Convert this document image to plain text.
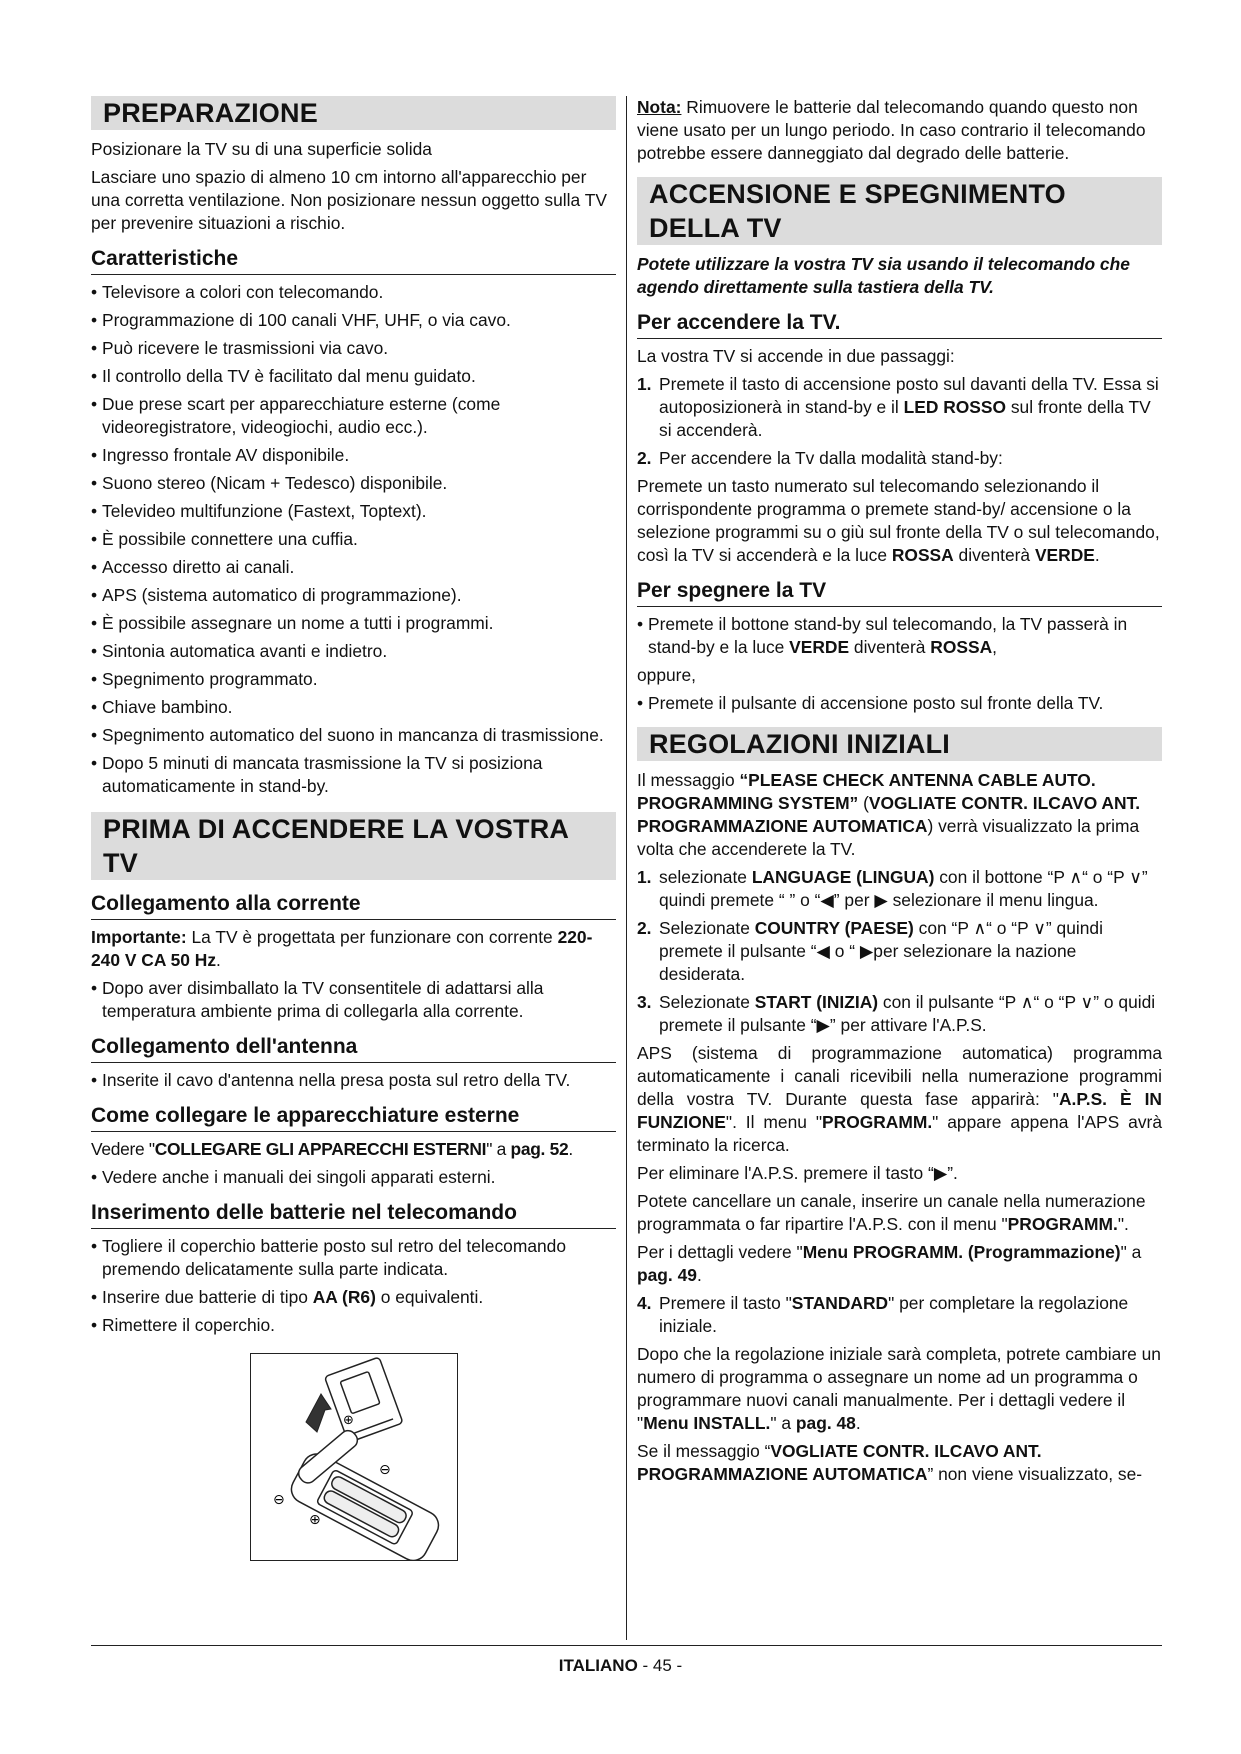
PREPARAZIONE

Posizionare la TV su di una superficie solida

Lasciare uno spazio di almeno 10 cm intorno all'apparecchio per una corretta ventilazione. Non posizionare nessun oggetto sulla TV per prevenire situazioni a rischio.

Caratteristiche
• Televisore a colori con telecomando.
• Programmazione di 100 canali VHF, UHF, o via cavo.
• Può ricevere le trasmissioni via cavo.
• Il controllo della TV è facilitato dal menu guidato.
• Due prese scart per apparecchiature esterne (come videoregistratore, videogiochi, audio ecc.).
• Ingresso frontale AV disponibile.
• Suono stereo (Nicam + Tedesco) disponibile.
• Televideo multifunzione (Fastext, Toptext).
• È possibile connettere una cuffia.
• Accesso diretto ai canali.
• APS (sistema automatico di programmazione).
• È possibile assegnare un nome a tutti i programmi.
• Sintonia automatica avanti e indietro.
• Spegnimento programmato.
• Chiave bambino.
• Spegnimento automatico del suono in mancanza di trasmissione.
• Dopo 5 minuti di mancata trasmissione la TV si posiziona automaticamente in stand-by.
PRIMA DI ACCENDERE LA VOSTRA TV
Collegamento alla corrente

Importante: La TV è progettata per funzionare con corrente 220-240 V CA 50 Hz.

• Dopo aver disimballato la TV consentitele di adattarsi alla temperatura ambiente prima di collegarla alla corrente.
Collegamento dell'antenna
• Inserite il cavo d'antenna nella presa posta sul retro della TV.
Come collegare le apparecchiature esterne

Vedere "COLLEGARE GLI APPARECCHI ESTERNI" a pag. 52.

• Vedere anche i manuali dei singoli apparati esterni.
Inserimento delle batterie nel telecomando
• Togliere il coperchio batterie posto sul retro del telecomando premendo delicatamente sulla parte indicata.
• Inserire due batterie di tipo AA (R6) o equivalenti.
• Rimettere il coperchio.
⊕
⊖
⊖
⊕

Nota: Rimuovere le batterie dal telecomando quando questo non viene usato per un lungo periodo. In caso contrario il telecomando potrebbe essere danneggiato dal degrado delle batterie.

ACCENSIONE E SPEGNIMENTO DELLA TV

Potete utilizzare la vostra TV sia usando il telecomando che agendo direttamente sulla tastiera della TV.

Per accendere la TV.

La vostra TV si accende in due passaggi:

1. Premete il tasto di accensione posto sul davanti della TV. Essa si autoposizionerà in stand-by e il LED ROSSO sul fronte della TV si accenderà.
2. Per accendere la Tv dalla modalità stand-by:

Premete un tasto numerato sul telecomando selezionando il corrispondente programma o premete stand-by/ accensione o la selezione programmi su o giù sul fronte della TV o sul telecomando, così la TV si accenderà e la luce ROSSA diventerà VERDE.

Per spegnere la TV
• Premete il bottone stand-by sul telecomando, la TV passerà in stand-by e la luce VERDE diventerà ROSSA,

oppure,

• Premete il pulsante di accensione posto sul fronte della TV.
REGOLAZIONI INIZIALI

Il messaggio “PLEASE CHECK ANTENNA CABLE AUTO. PROGRAMMING SYSTEM” (VOGLIATE CONTR. ILCAVO ANT. PROGRAMMAZIONE AUTOMATICA) verrà visualizzato la prima volta che accenderete la TV.

1. selezionate LANGUAGE (LINGUA) con il bottone “P ∧“ o “P ∨” quindi premete “ ” o “◀” per ▶ selezionare il menu lingua.
2. Selezionate COUNTRY (PAESE) con “P ∧“ o “P ∨” quindi premete il pulsante “◀ o “ ▶per selezionare la nazione desiderata.
3. Selezionate START (INIZIA) con il pulsante “P ∧“ o “P ∨” o quidi premete il pulsante “▶” per attivare l'A.P.S.

APS (sistema di programmazione automatica) programma automaticamente i canali ricevibili nella numerazione programmi della vostra TV. Durante questa fase apparirà: "A.P.S. È IN FUNZIONE". Il menu "PROGRAMM." appare appena l'APS avrà terminato la ricerca.

Per eliminare l'A.P.S. premere il tasto “▶”.

Potete cancellare un canale, inserire un canale nella numerazione programmata o far ripartire l'A.P.S. con il menu "PROGRAMM.".

Per i dettagli vedere "Menu PROGRAMM. (Programmazione)" a pag. 49.

4. Premere il tasto "STANDARD" per completare la regolazione iniziale.

Dopo che la regolazione iniziale sarà completa, potrete cambiare un numero di programma o assegnare un nome ad un programma o programmare nuovi canali manualmente. Per i dettagli vedere il "Menu INSTALL." a pag. 48.

Se il messaggio “VOGLIATE CONTR. ILCAVO ANT. PROGRAMMAZIONE AUTOMATICA” non viene visualizzato, se-

ITALIANO - 45 -
